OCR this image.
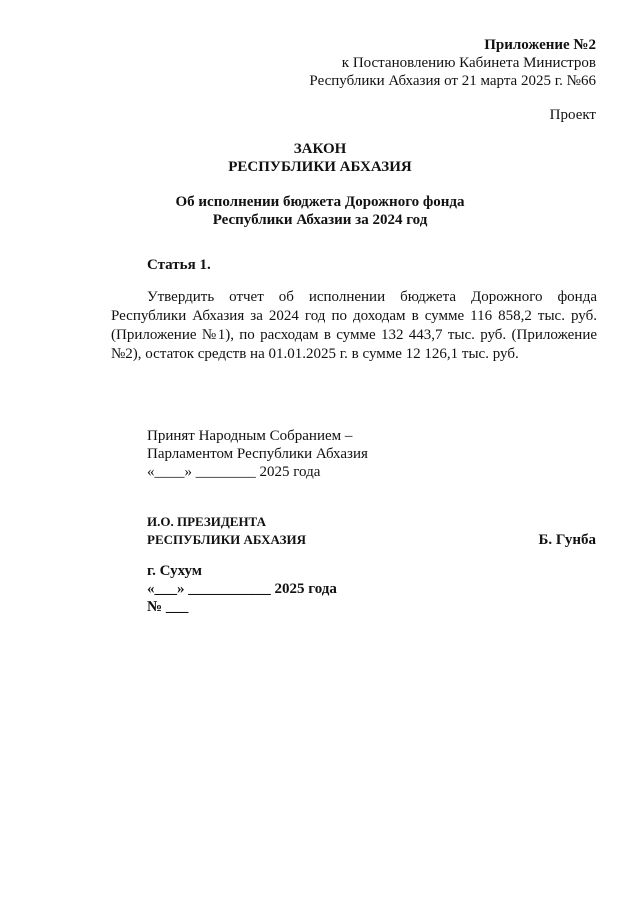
Приложение №2
к Постановлению Кабинета Министров
Республики Абхазия от 21 марта 2025 г. №66
Проект
ЗАКОН
РЕСПУБЛИКИ АБХАЗИЯ
Об исполнении бюджета Дорожного фонда
Республики Абхазии за 2024 год
Статья 1.
Утвердить отчет об исполнении бюджета Дорожного фонда Республики Абхазия за 2024 год по доходам в сумме 116 858,2 тыс. руб. (Приложение №1), по расходам в сумме 132 443,7 тыс. руб. (Приложение №2), остаток средств на 01.01.2025 г. в сумме 12 126,1 тыс. руб.
Принят Народным Собранием –
Парламентом Республики Абхазия
«____» ________ 2025 года
И.О. ПРЕЗИДЕНТА
РЕСПУБЛИКИ АБХАЗИЯ	Б. Гунба
г. Сухум
«___» ___________ 2025 года
№ ___
